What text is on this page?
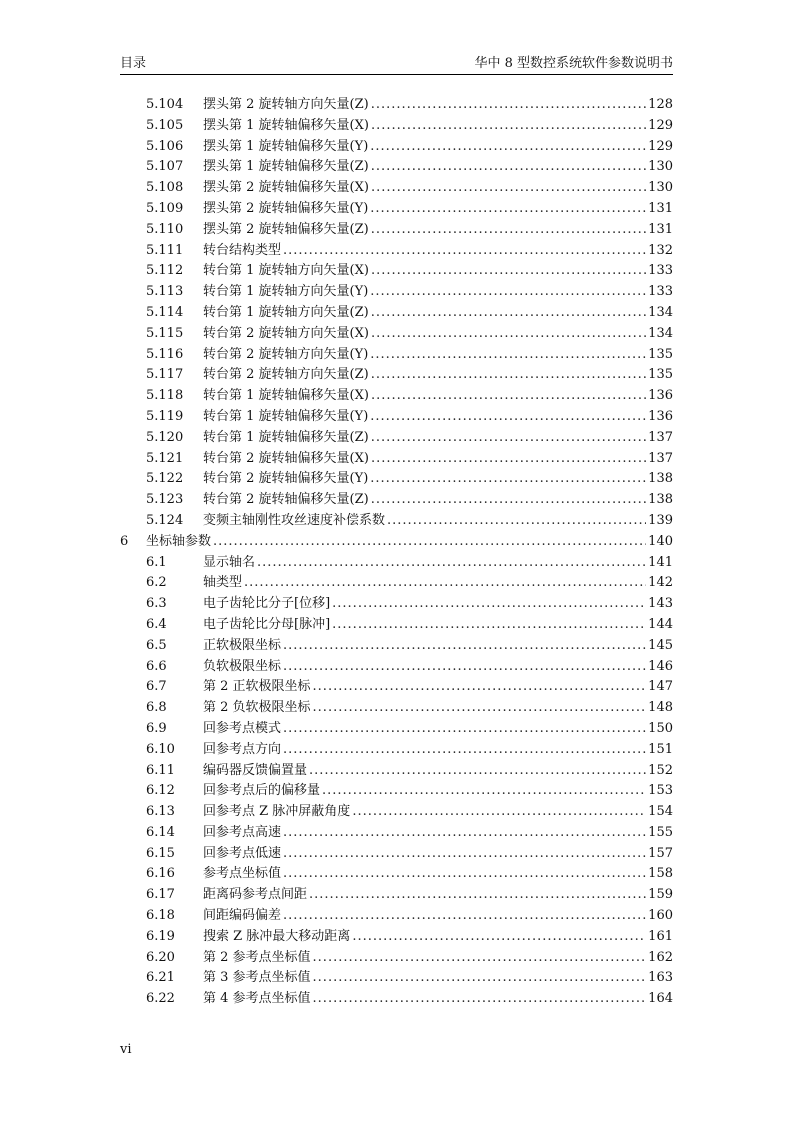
目录	华中 8 型数控系统软件参数说明书
5.104 摆头第 2 旋转轴方向矢量(Z) .....	128
5.105 摆头第 1 旋转轴偏移矢量(X) .....	129
5.106 摆头第 1 旋转轴偏移矢量(Y) .....	129
5.107 摆头第 1 旋转轴偏移矢量(Z) .....	130
5.108 摆头第 2 旋转轴偏移矢量(X) .....	130
5.109 摆头第 2 旋转轴偏移矢量(Y) .....	131
5.110 摆头第 2 旋转轴偏移矢量(Z) .....	131
5.111 转台结构类型 .....	132
5.112 转台第 1 旋转轴方向矢量(X) .....	133
5.113 转台第 1 旋转轴方向矢量(Y) .....	133
5.114 转台第 1 旋转轴方向矢量(Z) .....	134
5.115 转台第 2 旋转轴方向矢量(X) .....	134
5.116 转台第 2 旋转轴方向矢量(Y) .....	135
5.117 转台第 2 旋转轴方向矢量(Z) .....	135
5.118 转台第 1 旋转轴偏移矢量(X) .....	136
5.119 转台第 1 旋转轴偏移矢量(Y) .....	136
5.120 转台第 1 旋转轴偏移矢量(Z) .....	137
5.121 转台第 2 旋转轴偏移矢量(X) .....	137
5.122 转台第 2 旋转轴偏移矢量(Y) .....	138
5.123 转台第 2 旋转轴偏移矢量(Z) .....	138
5.124 变频主轴刚性攻丝速度补偿系数 .....	139
6 坐标轴参数 .....	140
6.1	显示轴名 .....	141
6.2	轴类型 .....	142
6.3	电子齿轮比分子[位移] .....	143
6.4	电子齿轮比分母[脉冲] .....	144
6.5	正软极限坐标 .....	145
6.6	负软极限坐标 .....	146
6.7	第 2 正软极限坐标 .....	147
6.8	第 2 负软极限坐标 .....	148
6.9	回参考点模式 .....	150
6.10 回参考点方向 .....	151
6.11 编码器反馈偏置量 .....	152
6.12 回参考点后的偏移量 .....	153
6.13 回参考点 Z 脉冲屏蔽角度 .....	154
6.14 回参考点高速 .....	155
6.15 回参考点低速 .....	157
6.16 参考点坐标值 .....	158
6.17 距离码参考点间距 .....	159
6.18 间距编码偏差 .....	160
6.19 搜索 Z 脉冲最大移动距离 .....	161
6.20 第 2 参考点坐标值 .....	162
6.21 第 3 参考点坐标值 .....	163
6.22 第 4 参考点坐标值 .....	164
vi
